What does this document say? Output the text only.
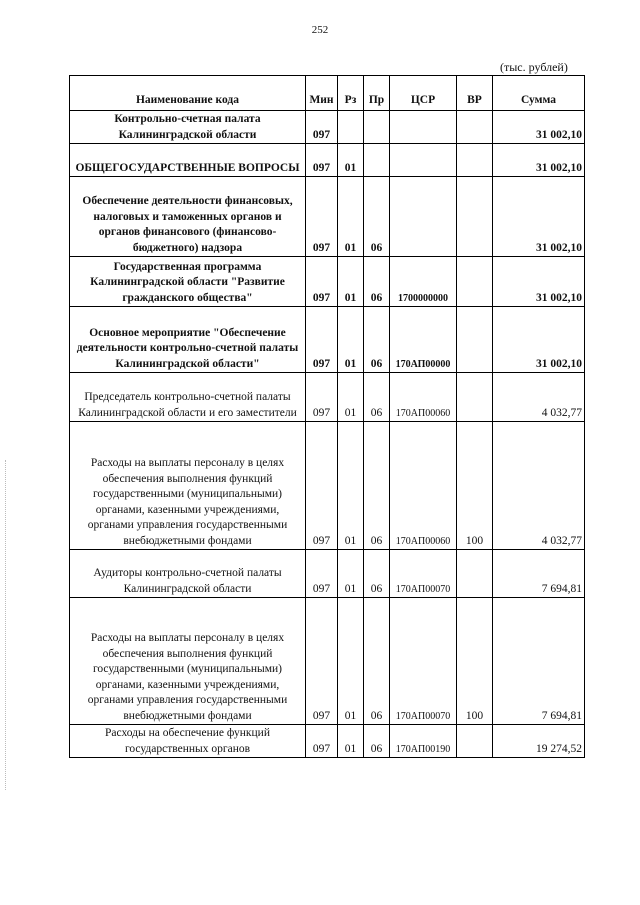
252
(тыс. рублей)
Наименование кода	Мин	Рз	Пр	ЦСР	ВР	Сумма
Контрольно-счетная палата Калининградской области	097					31 002,10
ОБЩЕГОСУДАРСТВЕННЫЕ ВОПРОСЫ	097	01				31 002,10
Обеспечение деятельности финансовых, налоговых и таможенных органов и органов финансового (финансово-бюджетного) надзора	097	01	06			31 002,10
Государственная программа Калининградской области "Развитие гражданского общества"	097	01	06	1700000000		31 002,10
Основное мероприятие "Обеспечение деятельности контрольно-счетной палаты Калининградской области"	097	01	06	170АП00000		31 002,10
Председатель контрольно-счетной палаты Калининградской области и его заместители	097	01	06	170АП00060		4 032,77
Расходы на выплаты персоналу в целях обеспечения выполнения функций государственными (муниципальными) органами, казенными учреждениями, органами управления государственными внебюджетными фондами	097	01	06	170АП00060	100	4 032,77
Аудиторы контрольно-счетной палаты Калининградской области	097	01	06	170АП00070		7 694,81
Расходы на выплаты персоналу в целях обеспечения выполнения функций государственными (муниципальными) органами, казенными учреждениями, органами управления государственными внебюджетными фондами	097	01	06	170АП00070	100	7 694,81
Расходы на обеспечение функций государственных органов	097	01	06	170АП00190		19 274,52
